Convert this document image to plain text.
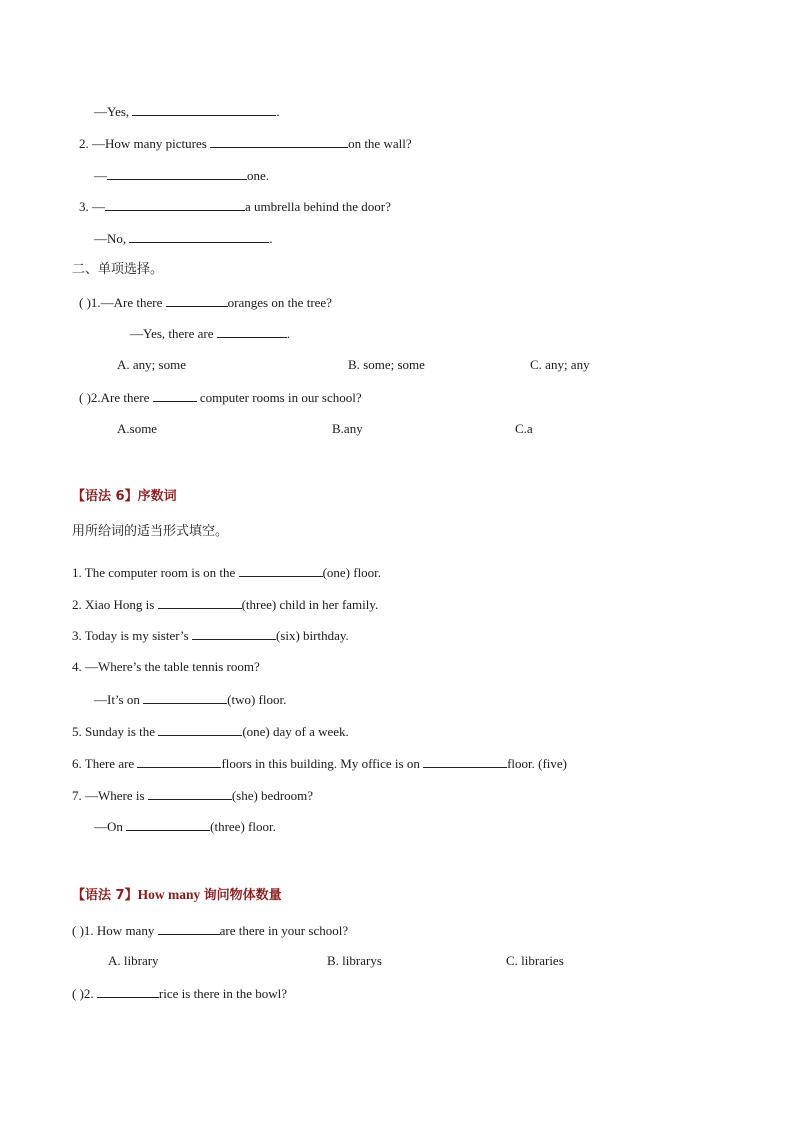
—Yes,	.
2. —How many pictures	on the wall?
—	one.
3. —	a umbrella behind the door?
—No,	.
二、单项选择。
( )1.—Are there	oranges on the tree?
—Yes, there are	.
A. any; some	B. some; some	C. any; any
( )2.Are there	computer rooms in our school?
A.some	B.any	C.a
【语法 6】序数词
用所给词的适当形式填空。
1. The computer room is on the	(one) floor.
2. Xiao Hong is	(three) child in her family.
3. Today is my sister’s	(six) birthday.
4. —Where’s the table tennis room?
—It’s on	(two) floor.
5. Sunday is the	(one) day of a week.
6. There are	floors in this building. My office is on	floor. (five)
7. —Where is	(she) bedroom?
—On	(three) floor.
【语法 7】How many 询问物体数量
( )1. How many	are there in your school?
A. library	B. librarys	C. libraries
( )2.	rice is there in the bowl?
